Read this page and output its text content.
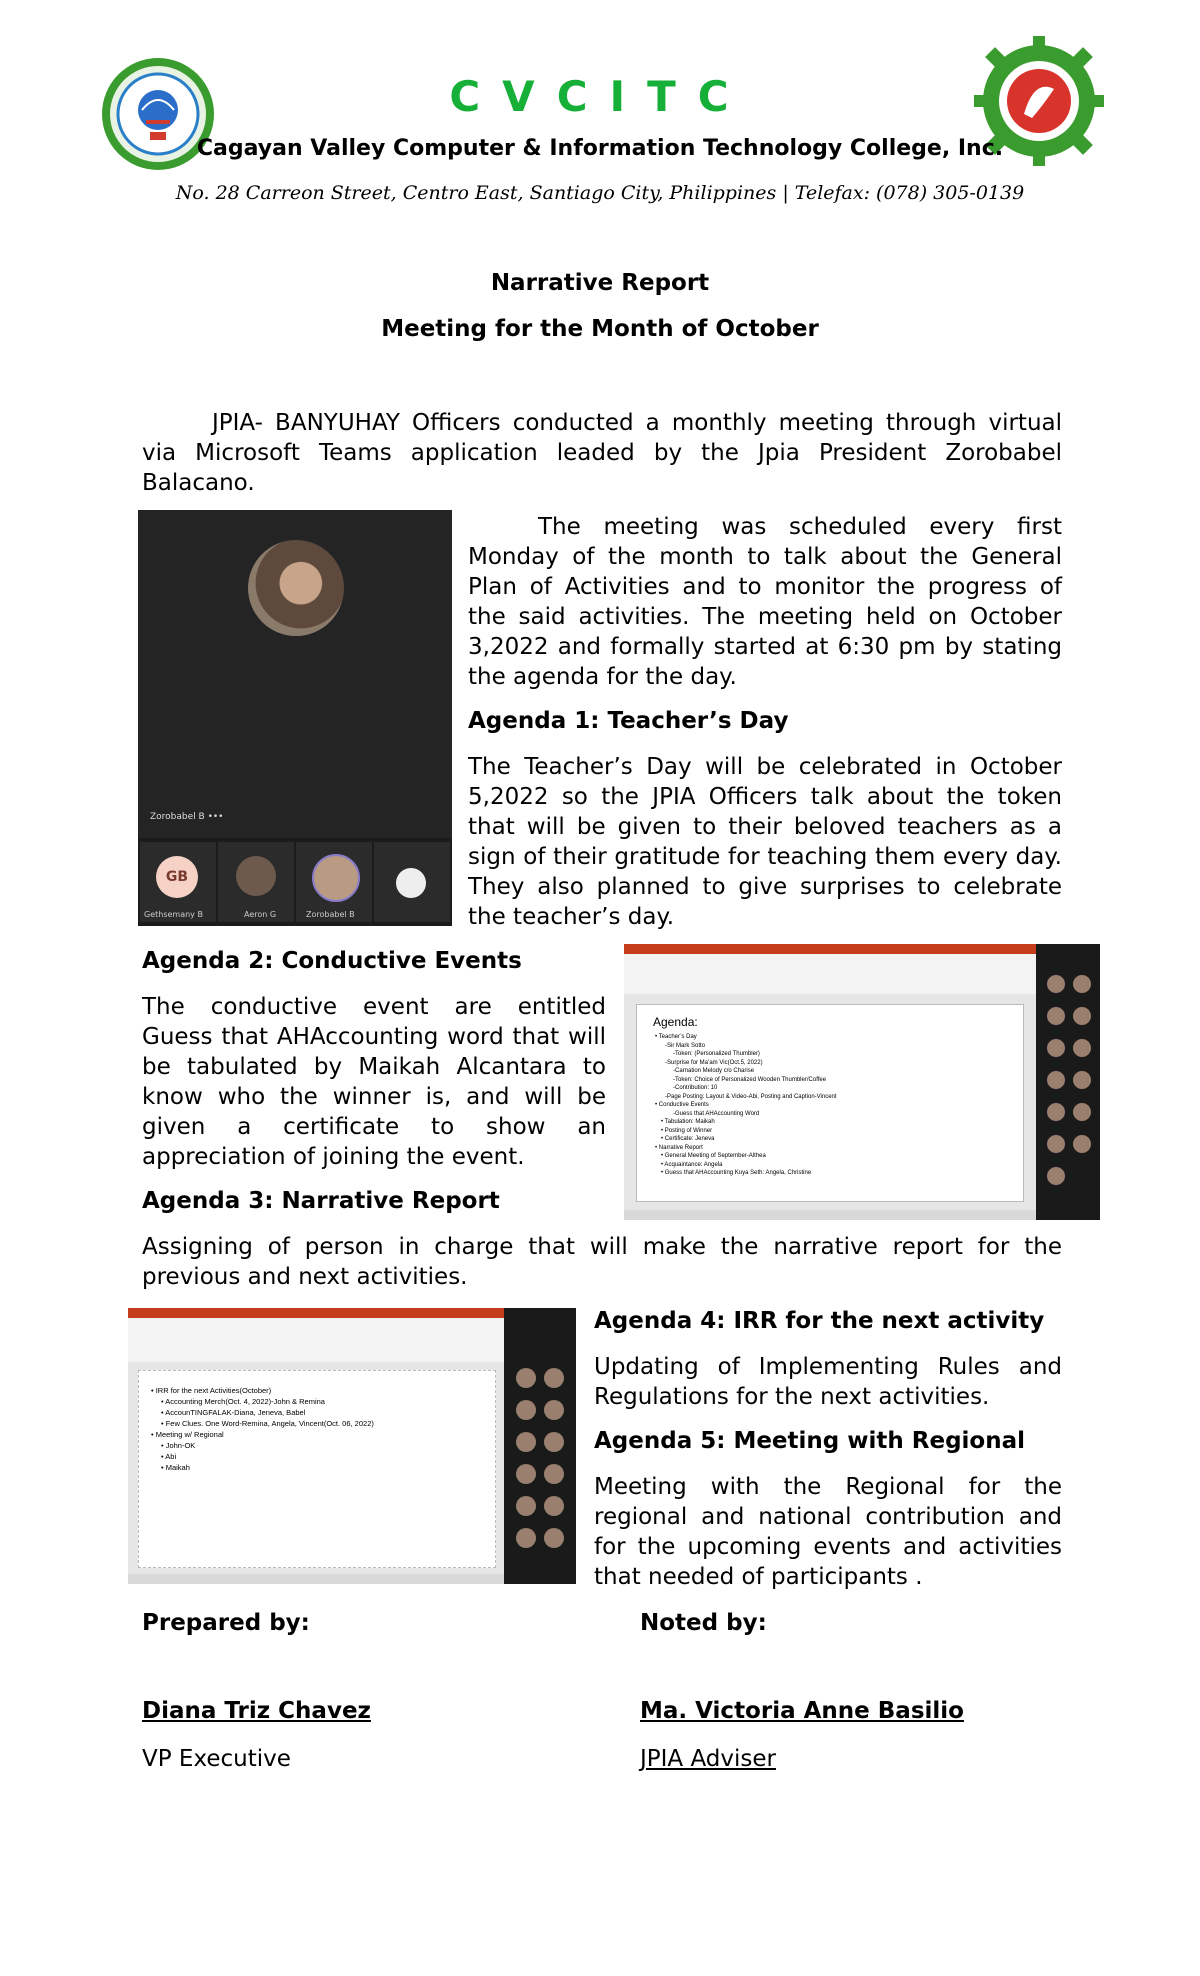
CVCITC
Cagayan Valley Computer & Information Technology College, Inc.
No. 28 Carreon Street, Centro East, Santiago City, Philippines | Telefax: (078) 305-0139
Narrative Report
Meeting for the Month of October

JPIA- BANYUHAY Officers conducted a monthly meeting through virtual via Microsoft Teams application leaded by the Jpia President Zorobabel Balacano.

Zorobabel B •••
GB
Gethsemany B	Aeron G	Zorobabel B

The meeting was scheduled every first Monday of the month to talk about the General Plan of Activities and to monitor the progress of the said activities. The meeting held on October 3,2022 and formally started at 6:30 pm by stating the agenda for the day.

Agenda 1: Teacher’s Day

The Teacher’s Day will be celebrated in October 5,2022 so the JPIA Officers talk about the token that will be given to their beloved teachers as a sign of their gratitude for teaching them every day. They also planned to give surprises to celebrate the teacher’s day.

Agenda 2: Conductive Events

The conductive event are entitled Guess that AHAccounting word that will be tabulated by Maikah Alcantara to know who the winner is, and will be given a certificate to show an appreciation of joining the event.

Agenda:
• Teacher’s Day
-Sir Mark Sotto
-Token: (Personalized Thumbler)
-Surprise for Ma’am Vic(Oct.5, 2022)
-Carnation Melody c/o Charise
-Token: Choice of Personalized Wooden Thumbler/Coffee
-Contribution: 10
-Page Posting: Layout & Video-Abi, Posting and Caption-Vincent
• Conductive Events
-Guess that AHAccounting Word
• Tabulation: Maikah
• Posting of Winner
• Certificate: Jeneva
• Narrative Report
• General Meeting of September-Althea
• Acquaintance: Angela
• Guess that AHAccounting Kuya Seth: Angela, Christine
Agenda 3: Narrative Report

Assigning of person in charge that will make the narrative report for the previous and next activities.

• IRR for the next Activities(October)
• Accounting Merch(Oct. 4, 2022)-John & Remina
• AccounTINGFALAK-Diana, Jeneva, Babel
• Few Clues. One Word-Remina, Angela, Vincent(Oct. 06, 2022)
• Meeting w/ Regional
• John-OK
• Abi
• Maikah
Agenda 4: IRR for the next activity

Updating of Implementing Rules and Regulations for the next activities.

Agenda 5: Meeting with Regional

Meeting with the Regional for the regional and national contribution and for the upcoming events and activities that needed of participants .

Prepared by:	Noted by:
Diana Triz Chavez	Ma. Victoria Anne Basilio
VP Executive	JPIA Adviser
